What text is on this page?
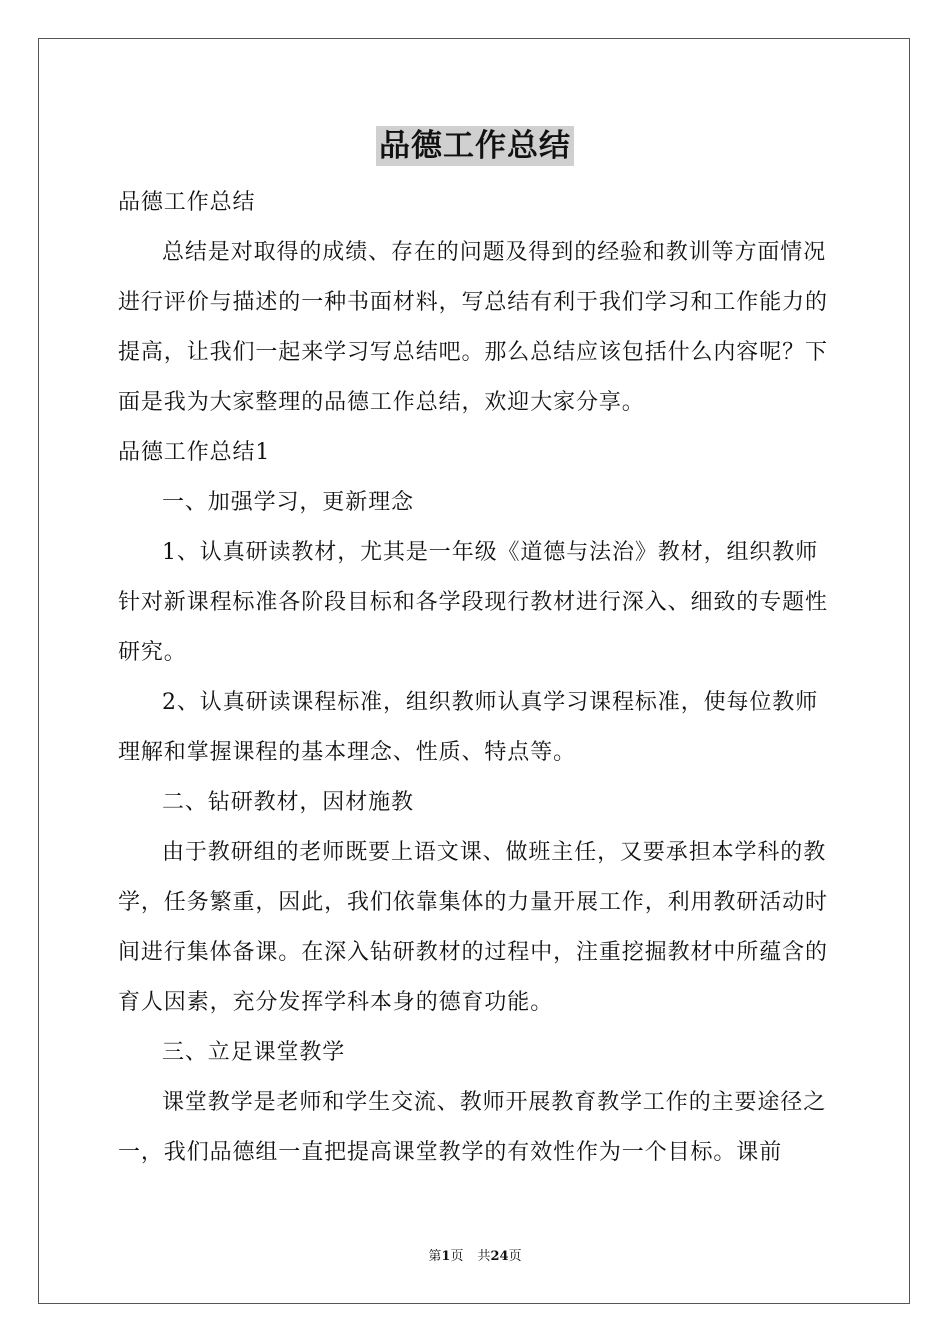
品德工作总结

品德工作总结

总结是对取得的成绩、存在的问题及得到的经验和教训等方面情况进行评价与描述的一种书面材料，写总结有利于我们学习和工作能力的提高，让我们一起来学习写总结吧。那么总结应该包括什么内容呢？下面是我为大家整理的品德工作总结，欢迎大家分享。

品德工作总结1

一、加强学习，更新理念

1、认真研读教材，尤其是一年级《道德与法治》教材，组织教师针对新课程标准各阶段目标和各学段现行教材进行深入、细致的专题性研究。

2、认真研读课程标准，组织教师认真学习课程标准，使每位教师理解和掌握课程的基本理念、性质、特点等。

二、钻研教材，因材施教

由于教研组的老师既要上语文课、做班主任，又要承担本学科的教学，任务繁重，因此，我们依靠集体的力量开展工作，利用教研活动时间进行集体备课。在深入钻研教材的过程中，注重挖掘教材中所蕴含的育人因素，充分发挥学科本身的德育功能。

三、立足课堂教学

课堂教学是老师和学生交流、教师开展教育教学工作的主要途径之一，我们品德组一直把提高课堂教学的有效性作为一个目标。课前

第1页 共24页
